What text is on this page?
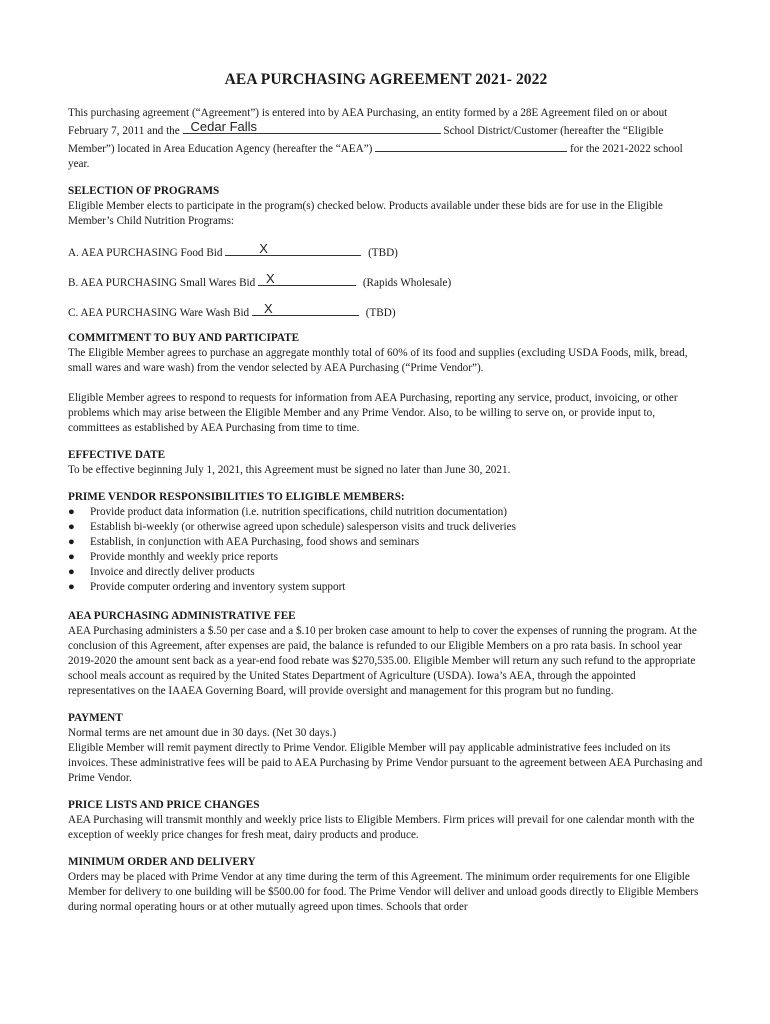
AEA PURCHASING AGREEMENT 2021- 2022

This purchasing agreement (“Agreement”) is entered into by AEA Purchasing, an entity formed by a 28E Agreement filed on or about February 7, 2011 and the Cedar Falls	School District/Customer (hereafter the “Eligible Member”) located in Area Education Agency (hereafter the “AEA”)	for the 2021-2022 school year.

SELECTION OF PROGRAMS

Eligible Member elects to participate in the program(s) checked below. Products available under these bids are for use in the Eligible Member’s Child Nutrition Programs:

A. AEA PURCHASING Food Bid	X	(TBD)
B. AEA PURCHASING Small Wares Bid X	(Rapids Wholesale)
C. AEA PURCHASING Ware Wash Bid X	(TBD)
COMMITMENT TO BUY AND PARTICIPATE

The Eligible Member agrees to purchase an aggregate monthly total of 60% of its food and supplies (excluding USDA Foods, milk, bread, small wares and ware wash) from the vendor selected by AEA Purchasing (“Prime Vendor”).

Eligible Member agrees to respond to requests for information from AEA Purchasing, reporting any service, product, invoicing, or other problems which may arise between the Eligible Member and any Prime Vendor. Also, to be willing to serve on, or provide input to, committees as established by AEA Purchasing from time to time.

EFFECTIVE DATE

To be effective beginning July 1, 2021, this Agreement must be signed no later than June 30, 2021.

PRIME VENDOR RESPONSIBILITIES TO ELIGIBLE MEMBERS:
● Provide product data information (i.e. nutrition specifications, child nutrition documentation)
● Establish bi-weekly (or otherwise agreed upon schedule) salesperson visits and truck deliveries
● Establish, in conjunction with AEA Purchasing, food shows and seminars
● Provide monthly and weekly price reports
● Invoice and directly deliver products
● Provide computer ordering and inventory system support
AEA PURCHASING ADMINISTRATIVE FEE

AEA Purchasing administers a $.50 per case and a $.10 per broken case amount to help to cover the expenses of running the program. At the conclusion of this Agreement, after expenses are paid, the balance is refunded to our Eligible Members on a pro rata basis. In school year 2019-2020 the amount sent back as a year-end food rebate was $270,535.00. Eligible Member will return any such refund to the appropriate school meals account as required by the United States Department of Agriculture (USDA). Iowa’s AEA, through the appointed representatives on the IAAEA Governing Board, will provide oversight and management for this program but no funding.

PAYMENT

Normal terms are net amount due in 30 days. (Net 30 days.)

Eligible Member will remit payment directly to Prime Vendor. Eligible Member will pay applicable administrative fees included on its invoices. These administrative fees will be paid to AEA Purchasing by Prime Vendor pursuant to the agreement between AEA Purchasing and Prime Vendor.

PRICE LISTS AND PRICE CHANGES

AEA Purchasing will transmit monthly and weekly price lists to Eligible Members. Firm prices will prevail for one calendar month with the exception of weekly price changes for fresh meat, dairy products and produce.

MINIMUM ORDER AND DELIVERY

Orders may be placed with Prime Vendor at any time during the term of this Agreement. The minimum order requirements for one Eligible Member for delivery to one building will be $500.00 for food. The Prime Vendor will deliver and unload goods directly to Eligible Members during normal operating hours or at other mutually agreed upon times. Schools that order
